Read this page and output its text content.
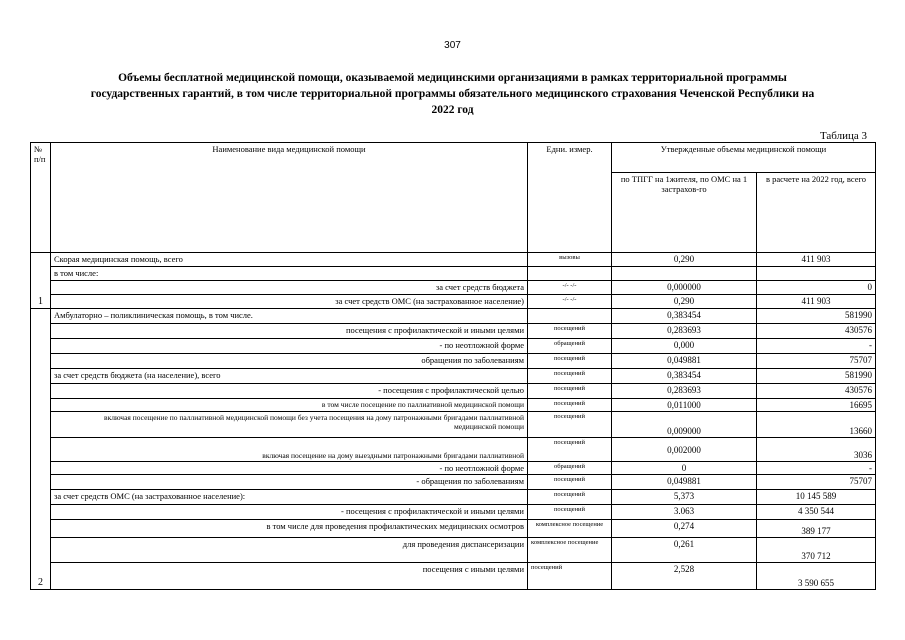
307
Объемы бесплатной медицинской помощи, оказываемой медицинскими организациями в рамках территориальной программы
государственных гарантий, в том числе территориальной программы обязательного медицинского страхования Чеченской Республики на
2022 год
Таблица 3
№ п/п	Наименование вида медицинской помощи	Едни. измер.	Утвержденные объемы медицинской помощи	
			по ТПГГ на 1жителя, по ОМС на 1 застрахов-го	в расчете на 2022 год, всего
1	Скорая медицинская помощь, всего	вызовы	0,290	411 903
	в том числе:			
	за счет средств бюджета	-/- -/-	0,000000	0
	за счет средств ОМС (на застрахованное население)	-/- -/-	0,290	411 903
2	Амбулаторно – поликлиническая помощь, в том числе.		0,383454	581990
	посещения с профилактической и иными целями	посещений	0,283693	430576
	- по неотложной форме	обращений	0,000	-
	обращения по заболеваниям	посещений	0,049881	75707
	за счет средств бюджета (на население), всего	посещений	0,383454	581990
	- посещения с профилактической целью	посещений	0,283693	430576
	в том числе посещение по паллиативной медицинской помощи	посещений	0,011000	16695
	включая посещение по паллиативной медицинской помощи без учета посещения на дому патронажными бригадами паллиативной медицинской помощи	посещений	0,009000	13660
	включая посещение на дому выездными патронажными бригадами паллиативной	посещений	0,002000	3036
	- по неотложной форме	обращений	0	-
	- обращения по заболеваниям	посещений	0,049881	75707
	за счет средств ОМС (на застрахованное население):	посещений	5,373	10 145 589
	- посещения с профилактической и иными целями	посещений	3.063	4 350 544
	в том числе для проведения профилактических медицинских осмотров	комплексное посещение	0,274	389 177
	для проведения диспансеризации	комплексное посещение	0,261	370 712
	посещения с иными целями	посещений	2,528	3 590 655
